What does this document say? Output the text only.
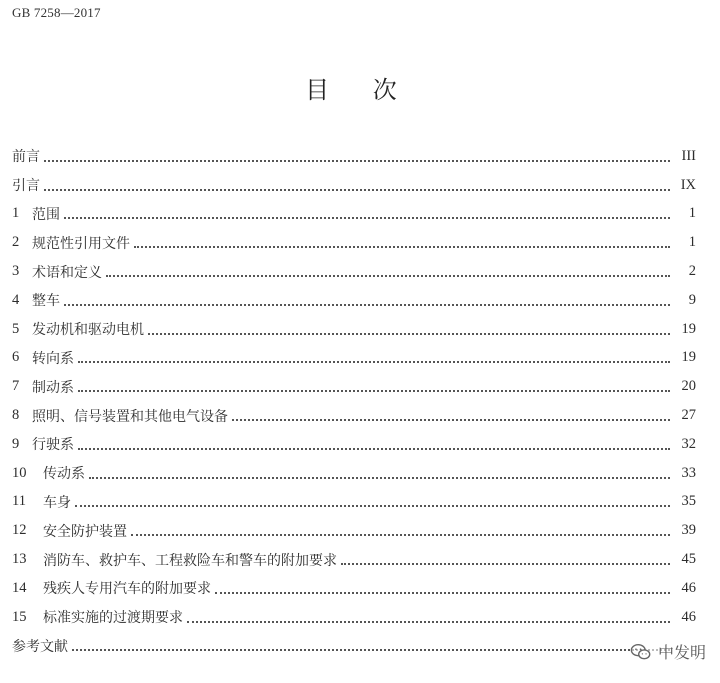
GB 7258—2017
目 次
前言	III
引言	IX
1 范围	1
2 规范性引用文件	1
3 术语和定义	2
4 整车	9
5 发动机和驱动电机	19
6 转向系	19
7 制动系	20
8 照明、信号装置和其他电气设备	27
9 行驶系	32
10	传动系	33
11	车身	35
12	安全防护装置	39
13	消防车、救护车、工程救险车和警车的附加要求	45
14	残疾人专用汽车的附加要求	46
15	标准实施的过渡期要求	46
参考文献	中发明
